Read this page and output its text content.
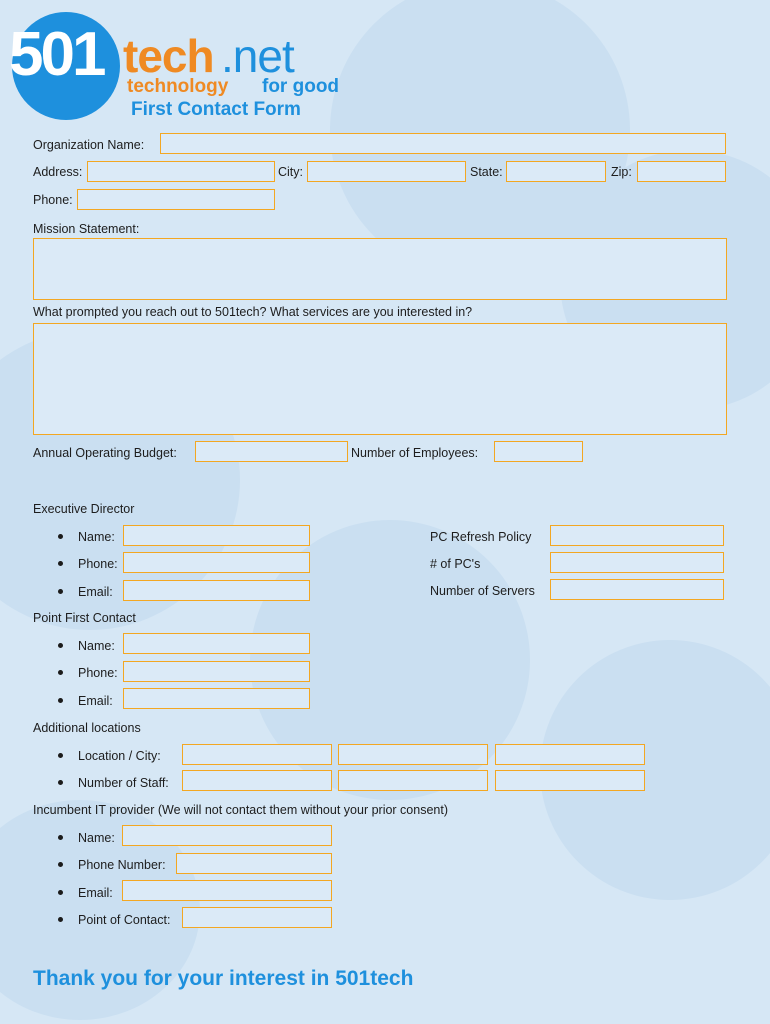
501 tech .net
technology for good
First Contact Form
Organization Name:
Address:	City:	State:	Zip:
Phone:
Mission Statement:
What prompted you reach out to 501tech? What services are you interested in?
Annual Operating Budget:	Number of Employees:
Executive Director
Name:
Phone:
Email:
PC Refresh Policy
# of PC's
Number of Servers
Point First Contact
Name:
Phone:
Email:
Additional locations
Location / City:
Number of Staff:
Incumbent IT provider (We will not contact them without your prior consent)
Name:
Phone Number:
Email:
Point of Contact:
Thank you for your interest in 501tech
